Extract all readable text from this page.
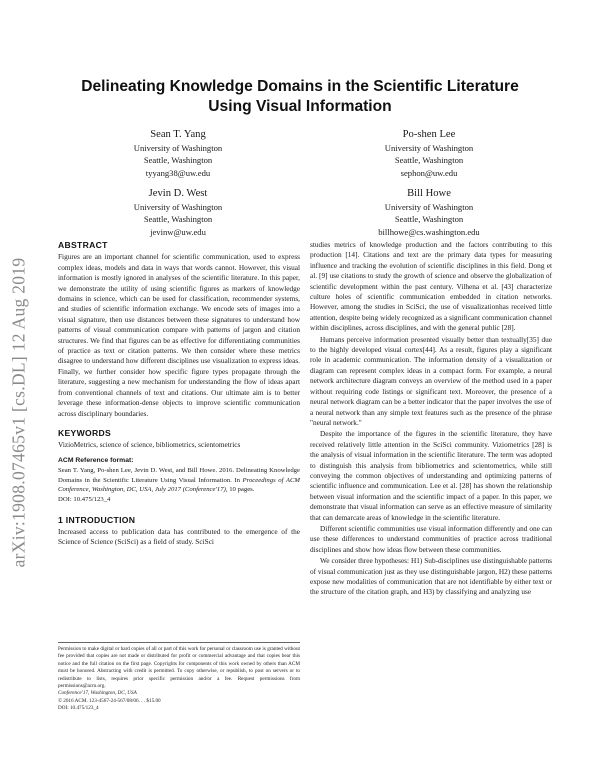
arXiv:1908.07465v1 [cs.DL] 12 Aug 2019
Delineating Knowledge Domains in the Scientific Literature Using Visual Information
Sean T. Yang
University of Washington
Seattle, Washington
tyyang38@uw.edu
Po-shen Lee
University of Washington
Seattle, Washington
sephon@uw.edu
Jevin D. West
University of Washington
Seattle, Washington
jevinw@uw.edu
Bill Howe
University of Washington
Seattle, Washington
billhowe@cs.washington.edu
ABSTRACT

Figures are an important channel for scientific communication, used to express complex ideas, models and data in ways that words cannot. However, this visual information is mostly ignored in analyses of the scientific literature. In this paper, we demonstrate the utility of using scientific figures as markers of knowledge domains in science, which can be used for classification, recommender systems, and studies of scientific information exchange. We encode sets of images into a visual signature, then use distances between these signatures to understand how patterns of visual communication compare with patterns of jargon and citation structures. We find that figures can be as effective for differentiating communities of practice as text or citation patterns. We then consider where these metrics disagree to understand how different disciplines use visualization to express ideas. Finally, we further consider how specific figure types propagate through the literature, suggesting a new mechanism for understanding the flow of ideas apart from conventional channels of text and citations. Our ultimate aim is to better leverage these information-dense objects to improve scientific communication across disciplinary boundaries.

KEYWORDS

VizioMetrics, science of science, bibliometrics, scientometrics

ACM Reference format:
Sean T. Yang, Po-shen Lee, Jevin D. West, and Bill Howe. 2016. Delineating Knowledge Domains in the Scientific Literature Using Visual Information. In Proceedings of ACM Conference, Washington, DC, USA, July 2017 (Conference'17), 10 pages.
DOI: 10.475/123_4
1 INTRODUCTION

Increased access to publication data has contributed to the emergence of the Science of Science (SciSci) as a field of study. SciSci

Permission to make digital or hard copies of all or part of this work for personal or classroom use is granted without fee provided that copies are not made or distributed for profit or commercial advantage and that copies bear this notice and the full citation on the first page. Copyrights for components of this work owned by others than ACM must be honored. Abstracting with credit is permitted. To copy otherwise, or republish, to post on servers or to redistribute to lists, requires prior specific permission and/or a fee. Request permissions from permissions@acm.org.
Conference'17, Washington, DC, USA
© 2016 ACM. 123-4567-24-567/08/06. . . $15.00
DOI: 10.475/123_4

studies metrics of knowledge production and the factors contributing to this production [14]. Citations and text are the primary data types for measuring influence and tracking the evolution of scientific disciplines in this field. Dong et al. [9] use citations to study the growth of science and observe the globalization of scientific development within the past century. Vilhena et al. [43] characterize culture holes of scientific communication embedded in citation networks. However, among the studies in SciSci, the use of visualizationhas received little attention, despite being widely recognized as a significant communication channel within disciplines, across disciplines, and with the general public [28].

Humans perceive information presented visually better than textually[35] due to the highly developed visual cortex[44]. As a result, figures play a significant role in academic communication. The information density of a visualization or diagram can represent complex ideas in a compact form. For example, a neural network architecture diagram conveys an overview of the method used in a paper without requiring code listings or significant text. Moreover, the presence of a neural network diagram can be a better indicator that the paper involves the use of a neural network than any simple text features such as the presence of the phrase "neural network."

Despite the importance of the figures in the scientific literature, they have received relatively little attention in the SciSci community. Viziometrics [28] is the analysis of visual information in the scientific literature. The term was adopted to distinguish this analysis from bibliometrics and scientometrics, while still conveying the common objectives of understanding and optimizing patterns of scientific influence and communication. Lee et al. [28] has shown the relationship between visual information and the scientific impact of a paper. In this paper, we demonstrate that visual information can serve as an effective measure of similarity that can demarcate areas of knowledge in the scientific literature.

Different scientific communities use visual information differently and one can use these differences to understand communities of practice across traditional disciplines and show how ideas flow between these communities.

We consider three hypotheses: H1) Sub-disciplines use distinguishable patterns of visual communication just as they use distinguishable jargon, H2) these patterns expose new modalities of communication that are not identifiable by either text or the structure of the citation graph, and H3) by classifying and analyzing use
